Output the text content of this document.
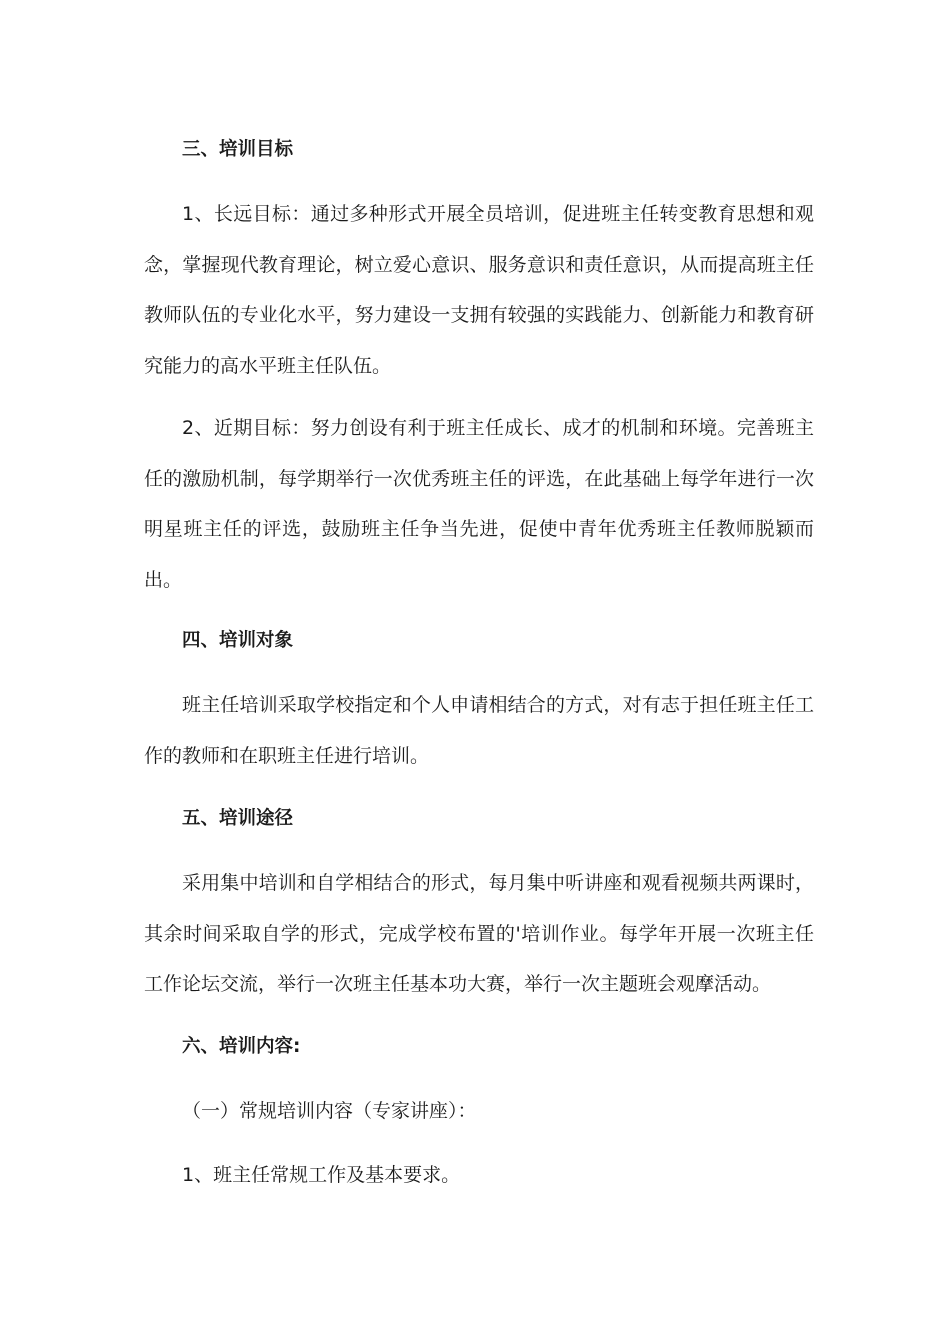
三、培训目标

1、长远目标：通过多种形式开展全员培训，促进班主任转变教育思想和观念，掌握现代教育理论，树立爱心意识、服务意识和责任意识，从而提高班主任教师队伍的专业化水平，努力建设一支拥有较强的实践能力、创新能力和教育研究能力的高水平班主任队伍。

2、近期目标：努力创设有利于班主任成长、成才的机制和环境。完善班主任的激励机制，每学期举行一次优秀班主任的评选，在此基础上每学年进行一次明星班主任的评选，鼓励班主任争当先进，促使中青年优秀班主任教师脱颖而出。

四、培训对象

班主任培训采取学校指定和个人申请相结合的方式，对有志于担任班主任工作的教师和在职班主任进行培训。

五、培训途径

采用集中培训和自学相结合的形式，每月集中听讲座和观看视频共两课时，其余时间采取自学的形式，完成学校布置的'培训作业。每学年开展一次班主任工作论坛交流，举行一次班主任基本功大赛，举行一次主题班会观摩活动。

六、培训内容:

（一）常规培训内容（专家讲座）：

1、班主任常规工作及基本要求。
